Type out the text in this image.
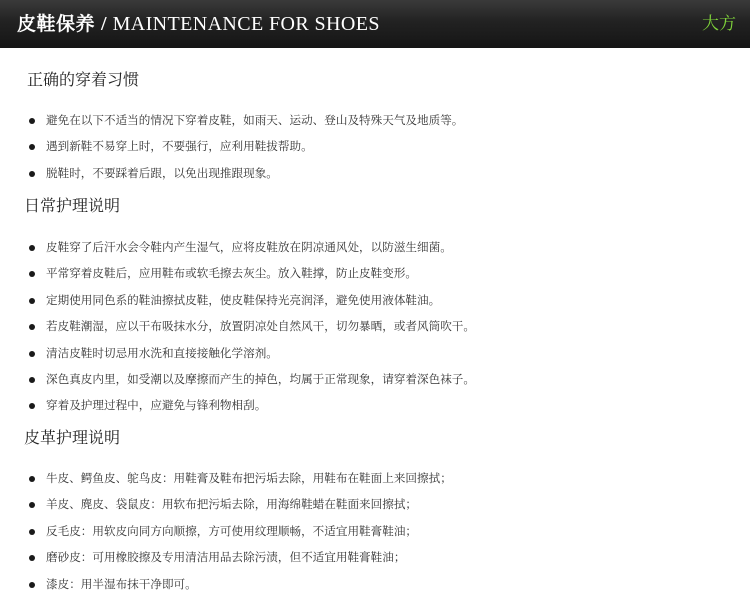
皮鞋保养 / MAINTENANCE FOR SHOES	大方
正确的穿着习惯
避免在以下不适当的情况下穿着皮鞋，如雨天、运动、登山及特殊天气及地质等。
遇到新鞋不易穿上时，不要强行，应利用鞋拔帮助。
脱鞋时，不要踩着后跟，以免出现推跟现象。
日常护理说明
皮鞋穿了后汗水会令鞋内产生湿气，应将皮鞋放在阴凉通风处，以防滋生细菌。
平常穿着皮鞋后，应用鞋布或软毛擦去灰尘。放入鞋撑，防止皮鞋变形。
定期使用同色系的鞋油擦拭皮鞋，使皮鞋保持光亮润泽，避免使用液体鞋油。
若皮鞋潮湿，应以干布吸抹水分，放置阴凉处自然风干，切勿暴晒，或者风筒吹干。
清洁皮鞋时切忌用水洗和直接接触化学溶剂。
深色真皮内里，如受潮以及摩擦而产生的掉色，均属于正常现象，请穿着深色袜子。
穿着及护理过程中，应避免与锋利物相刮。
皮革护理说明
牛皮、鳄鱼皮、鸵鸟皮：用鞋膏及鞋布把污垢去除，用鞋布在鞋面上来回擦拭；
羊皮、麂皮、袋鼠皮：用软布把污垢去除，用海绵鞋蜡在鞋面来回擦拭；
反毛皮：用软皮向同方向顺擦，方可使用纹理顺畅，不适宜用鞋膏鞋油；
磨砂皮：可用橡胶擦及专用清洁用品去除污渍，但不适宜用鞋膏鞋油；
漆皮：用半湿布抹干净即可。
